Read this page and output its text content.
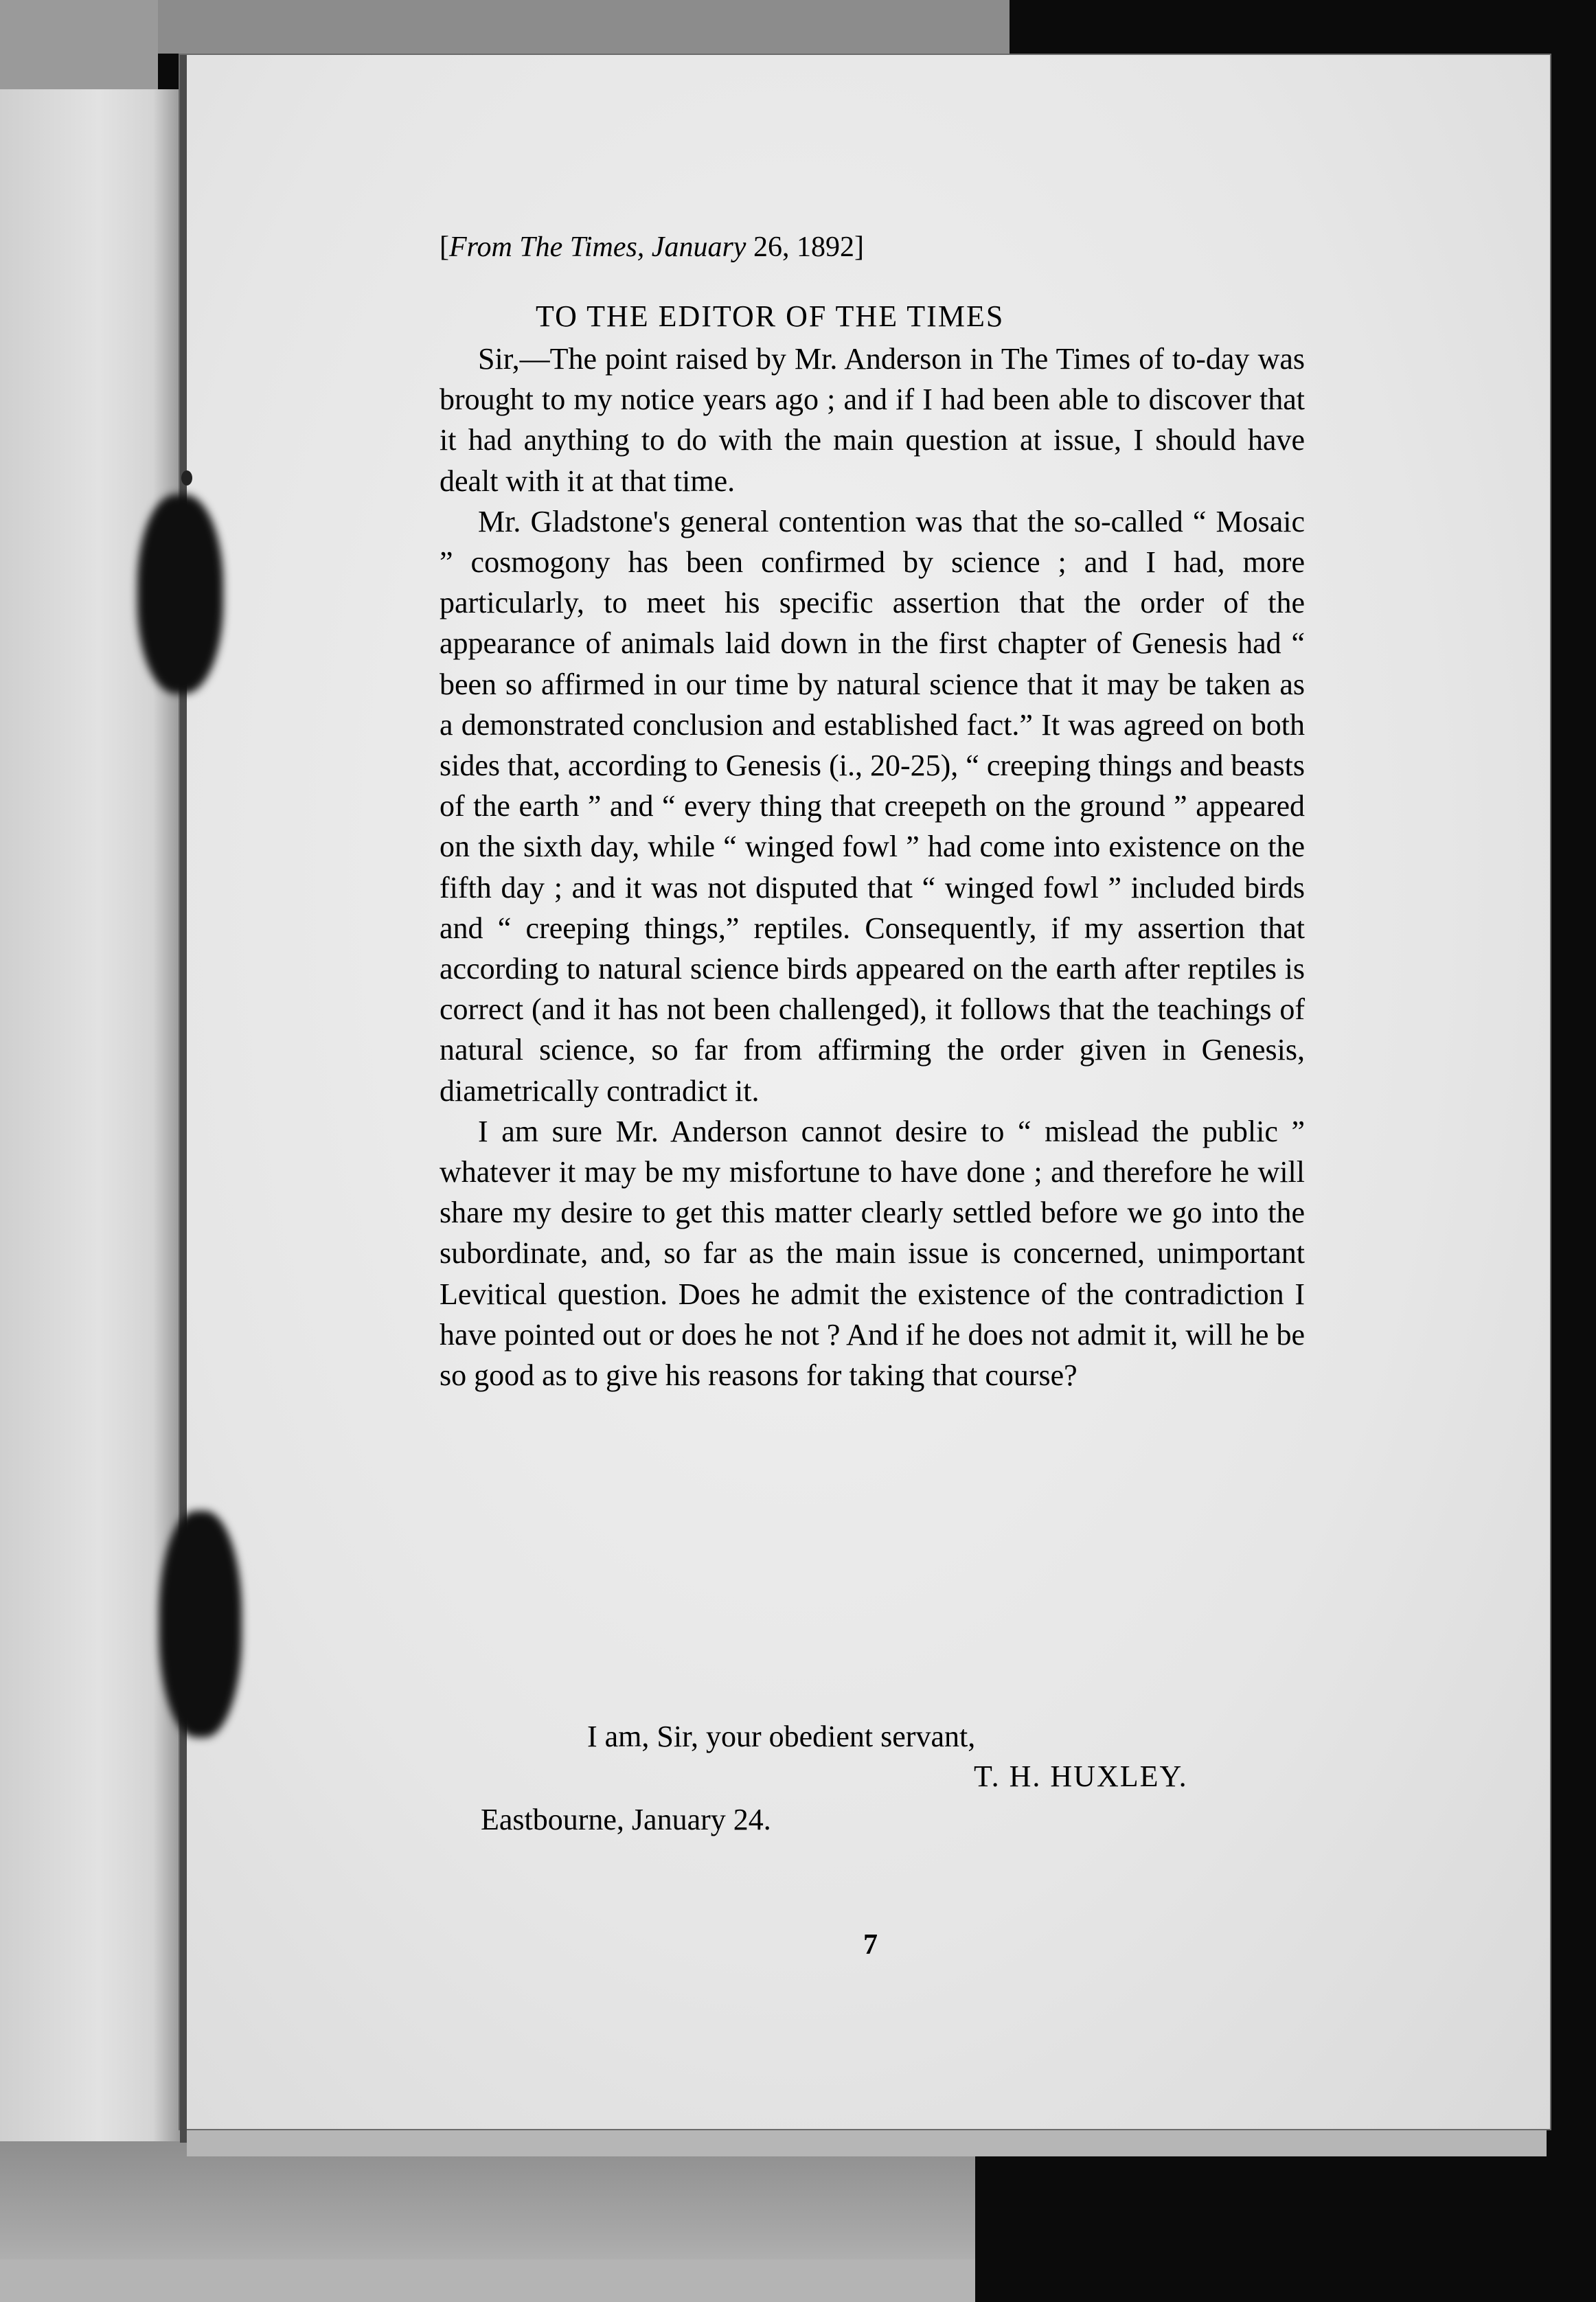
[From The Times, January 26, 1892]
TO THE EDITOR OF THE TIMES

Sir,—The point raised by Mr. Anderson in The Times of to-day was brought to my notice years ago ; and if I had been able to discover that it had anything to do with the main question at issue, I should have dealt with it at that time.

Mr. Gladstone's general contention was that the so-called “ Mosaic ” cosmogony has been confirmed by science ; and I had, more particularly, to meet his specific assertion that the order of the appearance of animals laid down in the first chapter of Genesis had “ been so affirmed in our time by natural science that it may be taken as a demonstrated conclusion and established fact.” It was agreed on both sides that, according to Genesis (i., 20-25), “ creeping things and beasts of the earth ” and “ every thing that creepeth on the ground ” appeared on the sixth day, while “ winged fowl ” had come into existence on the fifth day ; and it was not disputed that “ winged fowl ” included birds and “ creeping things,” reptiles. Consequently, if my assertion that according to natural science birds appeared on the earth after reptiles is correct (and it has not been challenged), it follows that the teachings of natural science, so far from affirming the order given in Genesis, diametrically contradict it.

I am sure Mr. Anderson cannot desire to “ mislead the public ” whatever it may be my misfortune to have done ; and therefore he will share my desire to get this matter clearly settled before we go into the subordinate, and, so far as the main issue is concerned, unimportant Levitical question. Does he admit the existence of the contradiction I have pointed out or does he not ? And if he does not admit it, will he be so good as to give his reasons for taking that course?

I am, Sir, your obedient servant,
T. H. HUXLEY.
Eastbourne, January 24.
7
